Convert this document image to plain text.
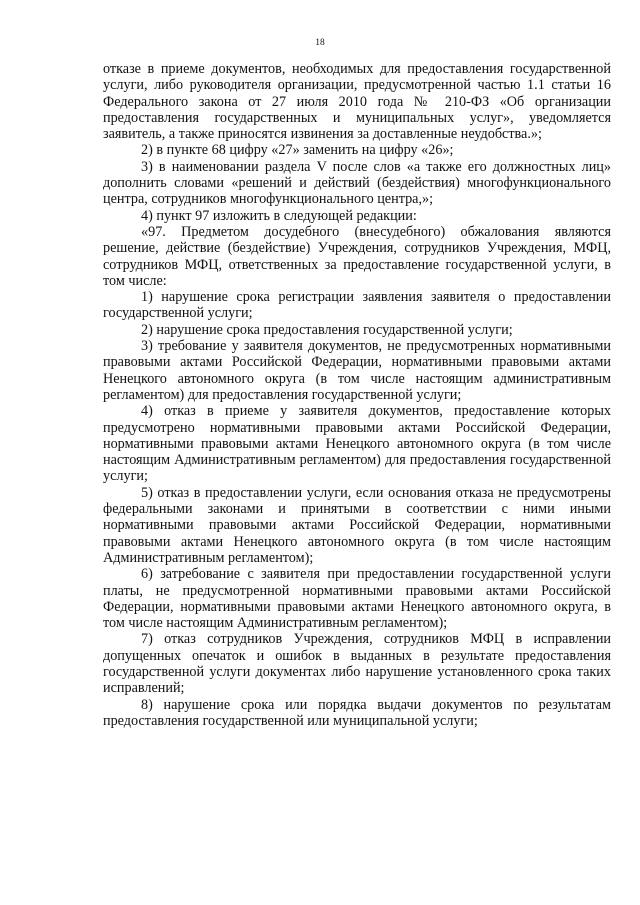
18

отказе в приеме документов, необходимых для предоставления государственной услуги, либо руководителя организации, предусмотренной частью 1.1 статьи 16 Федерального закона от 27 июля 2010 года № 210-ФЗ «Об организации предоставления государственных и муниципальных услуг», уведомляется заявитель, а также приносятся извинения за доставленные неудобства.»;

2) в пункте 68 цифру «27» заменить на цифру «26»;

3) в наименовании раздела V после слов «а также его должностных лиц» дополнить словами «решений и действий (бездействия) многофункционального центра, сотрудников многофункционального центра,»;

4) пункт 97 изложить в следующей редакции:

«97. Предметом досудебного (внесудебного) обжалования являются решение, действие (бездействие) Учреждения, сотрудников Учреждения, МФЦ, сотрудников МФЦ, ответственных за предоставление государственной услуги, в том числе:

1) нарушение срока регистрации заявления заявителя о предоставлении государственной услуги;

2) нарушение срока предоставления государственной услуги;

3) требование у заявителя документов, не предусмотренных нормативными правовыми актами Российской Федерации, нормативными правовыми актами Ненецкого автономного округа (в том числе настоящим административным регламентом) для предоставления государственной услуги;

4) отказ в приеме у заявителя документов, предоставление которых предусмотрено нормативными правовыми актами Российской Федерации, нормативными правовыми актами Ненецкого автономного округа (в том числе настоящим Административным регламентом) для предоставления государственной услуги;

5) отказ в предоставлении услуги, если основания отказа не предусмотрены федеральными законами и принятыми в соответствии с ними иными нормативными правовыми актами Российской Федерации, нормативными правовыми актами Ненецкого автономного округа (в том числе настоящим Административным регламентом);

6) затребование с заявителя при предоставлении государственной услуги платы, не предусмотренной нормативными правовыми актами Российской Федерации, нормативными правовыми актами Ненецкого автономного округа, в том числе настоящим Административным регламентом);

7) отказ сотрудников Учреждения, сотрудников МФЦ в исправлении допущенных опечаток и ошибок в выданных в результате предоставления государственной услуги документах либо нарушение установленного срока таких исправлений;

8) нарушение срока или порядка выдачи документов по результатам предоставления государственной или муниципальной услуги;
